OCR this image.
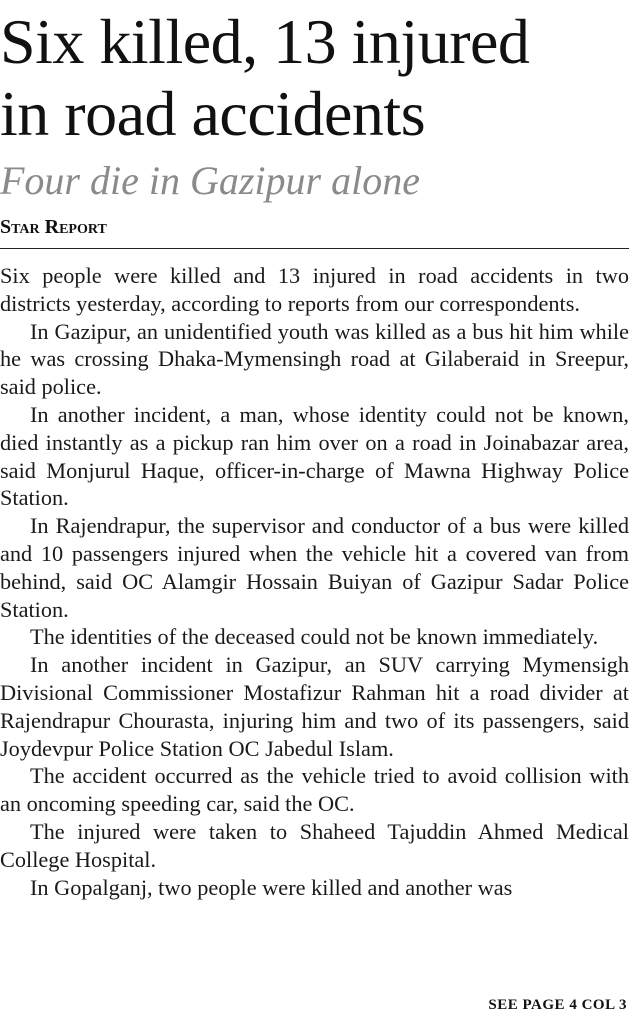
Six killed, 13 injured
in road accidents
Four die in Gazipur alone
Star Report

Six people were killed and 13 injured in road accidents in two districts yesterday, according to reports from our correspondents.

In Gazipur, an unidentified youth was killed as a bus hit him while he was crossing Dhaka-Mymensingh road at Gilaberaid in Sreepur, said police.

In another incident, a man, whose identity could not be known, died instantly as a pickup ran him over on a road in Joinabazar area, said Monjurul Haque, officer-in-charge of Mawna Highway Police Station.

In Rajendrapur, the supervisor and conductor of a bus were killed and 10 passengers injured when the vehicle hit a covered van from behind, said OC Alamgir Hossain Buiyan of Gazipur Sadar Police Station.

The identities of the deceased could not be known immediately.

In another incident in Gazipur, an SUV carrying Mymensigh Divisional Commissioner Mostafizur Rahman hit a road divider at Rajendrapur Chourasta, injuring him and two of its passengers, said Joydevpur Police Station OC Jabedul Islam.

The accident occurred as the vehicle tried to avoid collision with an oncoming speeding car, said the OC.

The injured were taken to Shaheed Tajuddin Ahmed Medical College Hospital.

In Gopalganj, two people were killed and another was

SEE PAGE 4 COL 3
